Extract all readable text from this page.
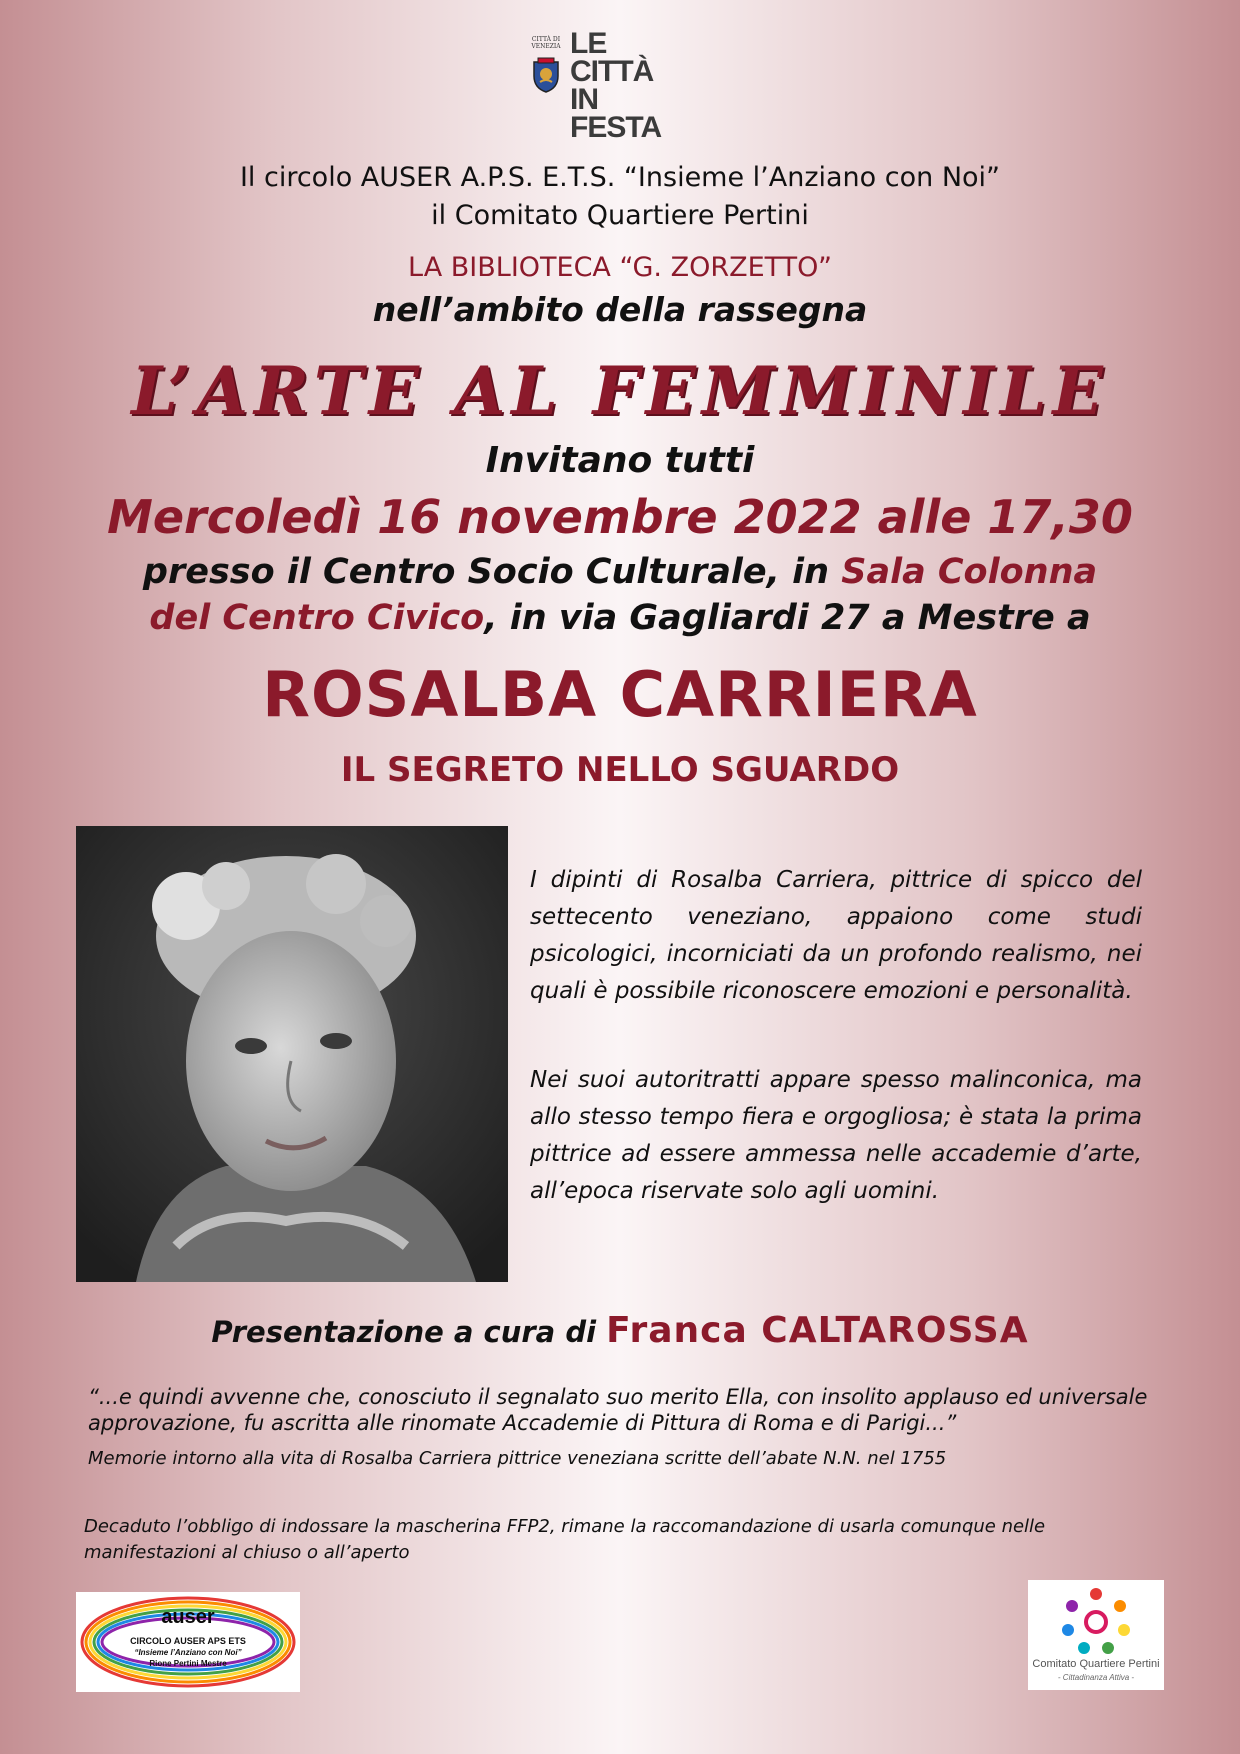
CITTÀ DI VENEZIA LE
CITTÀ
IN
FESTA
Il circolo AUSER A.P.S. E.T.S. “Insieme l’Anziano con Noi”
il Comitato Quartiere Pertini
LA BIBLIOTECA “G. ZORZETTO”
nell’ambito della rassegna
L’ARTE AL FEMMINILE
Invitano tutti
Mercoledì 16 novembre 2022 alle 17,30
presso il Centro Socio Culturale, in Sala Colonna
del Centro Civico, in via Gagliardi 27 a Mestre a
ROSALBA CARRIERA
IL SEGRETO NELLO SGUARDO

I dipinti di Rosalba Carriera, pittrice di spicco del settecento veneziano, appaiono come studi psicologici, incorniciati da un profondo realismo, nei quali è possibile riconoscere emozioni e personalità.

Nei suoi autoritratti appare spesso malinconica, ma allo stesso tempo fiera e orgogliosa; è stata la prima pittrice ad essere ammessa nelle accademie d’arte, all’epoca riservate solo agli uomini.

Presentazione a cura di Franca CALTAROSSA
“...e quindi avvenne che, conosciuto il segnalato suo merito Ella, con insolito applauso ed universale approvazione, fu ascritta alle rinomate Accademie di Pittura di Roma e di Parigi...”
Memorie intorno alla vita di Rosalba Carriera pittrice veneziana scritte dell’abate N.N. nel 1755
Decaduto l’obbligo di indossare la mascherina FFP2, rimane la raccomandazione di usarla comunque nelle manifestazioni al chiuso o all’aperto
auser
CIRCOLO AUSER APS ETS
“Insieme l’Anziano con Noi”
Rione Pertini Mestre	Comitato Quartiere Pertini
- Cittadinanza Attiva -
